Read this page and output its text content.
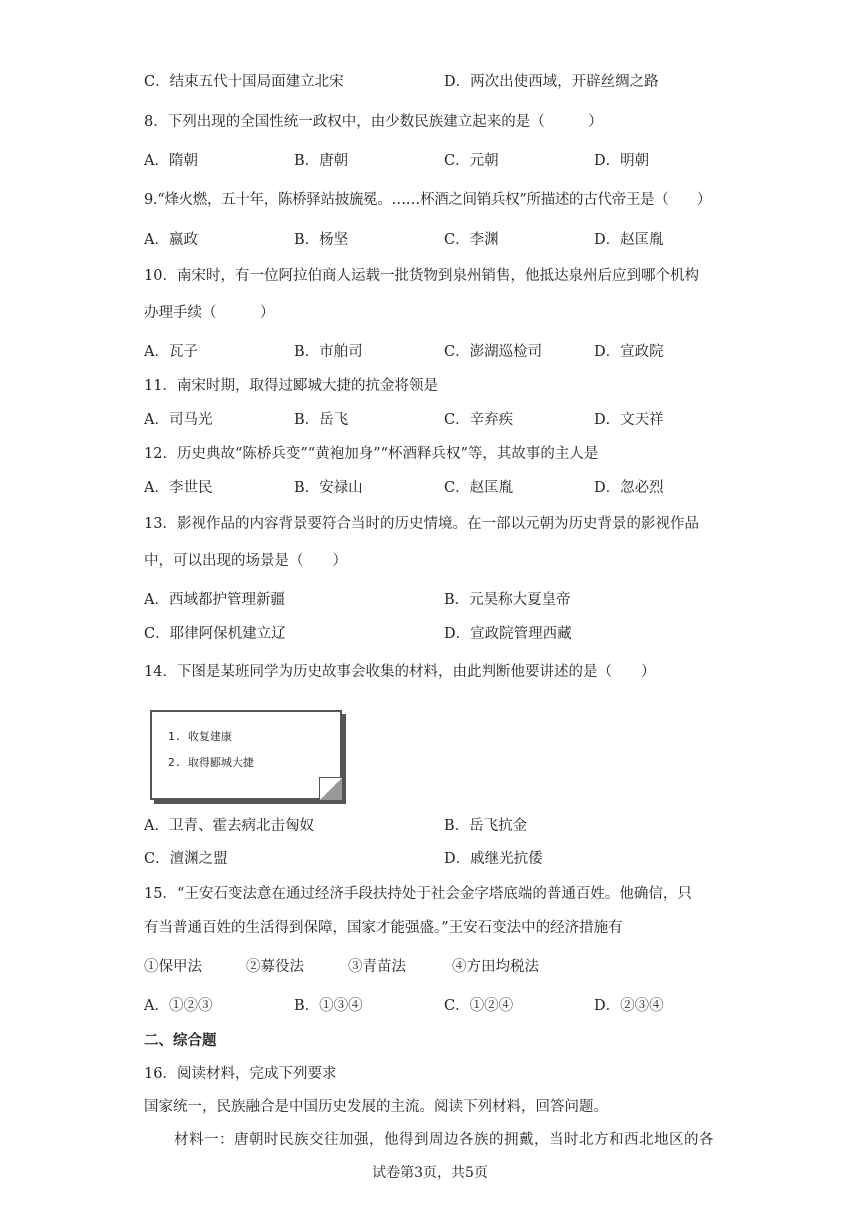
C．结束五代十国局面建立北宋	D．两次出使西域，开辟丝绸之路
8．下列出现的全国性统一政权中，由少数民族建立起来的是（　　　）
A．隋朝	B．唐朝	C．元朝	D．明朝
9.“烽火燃，五十年，陈桥驿站披旒冕。……杯酒之间销兵权”所描述的古代帝王是（　　）
A．嬴政	B．杨坚	C．李渊	D．赵匡胤
10．南宋时，有一位阿拉伯商人运载一批货物到泉州销售，他抵达泉州后应到哪个机构
办理手续（　　　）
A．瓦子	B．市舶司	C．澎湖巡检司	D．宣政院
11．南宋时期，取得过郾城大捷的抗金将领是
A．司马光	B．岳飞	C．辛弃疾	D．文天祥
12．历史典故“陈桥兵变”“黄袍加身”“杯酒释兵权”等，其故事的主人是
A．李世民	B．安禄山	C．赵匡胤	D．忽必烈
13．影视作品的内容背景要符合当时的历史情境。在一部以元朝为历史背景的影视作品
中，可以出现的场景是（　　）
A．西域都护管理新疆	B．元昊称大夏皇帝
C．耶律阿保机建立辽	D．宣政院管理西藏
14．下图是某班同学为历史故事会收集的材料，由此判断他要讲述的是（　　）
1. 收复建康
2. 取得郾城大捷
A．卫青、霍去病北击匈奴	B．岳飞抗金
C．澶渊之盟	D．戚继光抗倭
15．“王安石变法意在通过经济手段扶持处于社会金字塔底端的普通百姓。他确信，只
有当普通百姓的生活得到保障，国家才能强盛。”王安石变法中的经济措施有
①保甲法	②募役法	③青苗法	④方田均税法
A．①②③	B．①③④	C．①②④	D．②③④
二、综合题
16．阅读材料，完成下列要求
国家统一，民族融合是中国历史发展的主流。阅读下列材料，回答问题。
材料一：唐朝时民族交往加强，他得到周边各族的拥戴，当时北方和西北地区的各
试卷第3页，共5页
